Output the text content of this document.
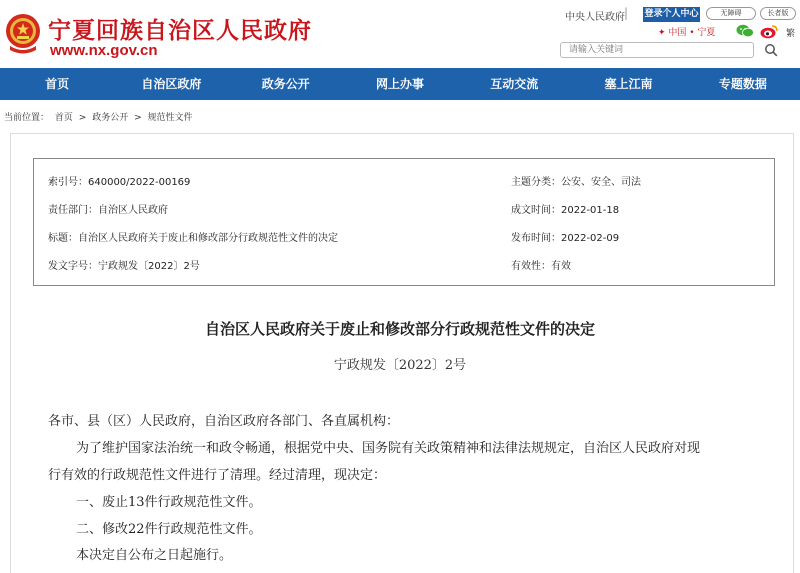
宁夏回族自治区人民政府
www.nx.gov.cn
中央人民政府 | 登录个人中心	无障碍	长者版
✦ 中国 • 宁夏	繁
请输入关键词
首页	自治区政府	政务公开	网上办事	互动交流	塞上江南	专题数据
当前位置： 首页 > 政务公开 > 规范性文件
索引号：640000/2022-00169	主题分类：公安、安全、司法
责任部门：自治区人民政府	成文时间：2022-01-18
标题：自治区人民政府关于废止和修改部分行政规范性文件的决定	发布时间：2022-02-09
发文字号：宁政规发〔2022〕2号	有效性：有效
自治区人民政府关于废止和修改部分行政规范性文件的决定
宁政规发〔2022〕2号
各市、县（区）人民政府，自治区政府各部门、各直属机构：
为了维护国家法治统一和政令畅通，根据党中央、国务院有关政策精神和法律法规规定，自治区人民政府对现
行有效的行政规范性文件进行了清理。经过清理，现决定：
一、废止13件行政规范性文件。
二、修改22件行政规范性文件。
本决定自公布之日起施行。
